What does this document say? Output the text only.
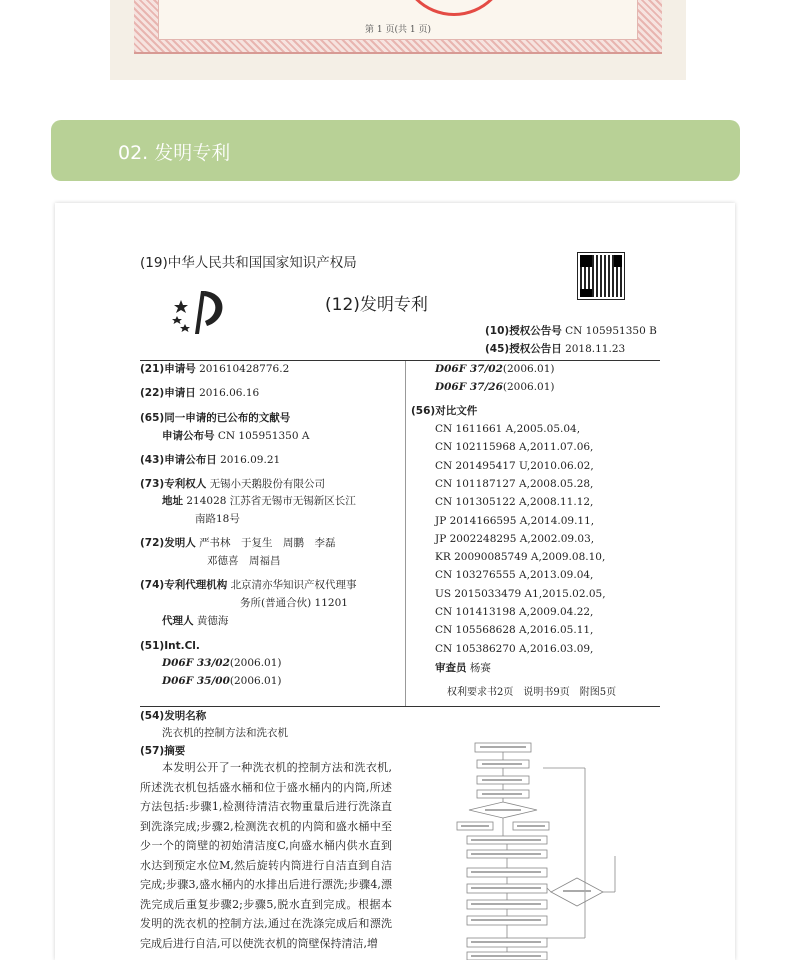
第 1 页(共 1 页)
02. 发明专利
(19)中华人民共和国国家知识产权局
(12)发明专利
(10)授权公告号 CN 105951350 B
(45)授权公告日 2018.11.23
(21)申请号 201610428776.2
(22)申请日 2016.06.16
(65)同一申请的已公布的文献号
申请公布号 CN 105951350 A
(43)申请公布日 2016.09.21
(73)专利权人 无锡小天鹅股份有限公司
地址 214028 江苏省无锡市无锡新区长江
南路18号
(72)发明人 严书林　于复生　周鹏　李磊
邓德喜　周福昌
(74)专利代理机构 北京清亦华知识产权代理事
务所(普通合伙) 11201
代理人 黄德海
(51)Int.Cl.
D06F 33/02(2006.01)
D06F 35/00(2006.01)
D06F 37/02(2006.01)
D06F 37/26(2006.01)
(56)对比文件
审查员 杨赛
权利要求书2页　说明书9页　附图5页
(54)发明名称
洗衣机的控制方法和洗衣机
(57)摘要
本发明公开了一种洗衣机的控制方法和洗衣机,所述洗衣机包括盛水桶和位于盛水桶内的内筒,所述方法包括:步骤1,检测待清洁衣物重量后进行洗涤直到洗涤完成;步骤2,检测洗衣机的内筒和盛水桶中至少一个的筒壁的初始清洁度C,向盛水桶内供水直到水达到预定水位M,然后旋转内筒进行自洁直到自洁完成;步骤3,盛水桶内的水排出后进行漂洗;步骤4,漂洗完成后重复步骤2;步骤5,脱水直到完成。根据本发明的洗衣机的控制方法,通过在洗涤完成后和漂洗完成后进行自洁,可以使洗衣机的筒壁保持清洁,增
CN 1611661 A,2005.05.04,
CN 102115968 A,2011.07.06,
CN 201495417 U,2010.06.02,
CN 101187127 A,2008.05.28,
CN 101305122 A,2008.11.12,
JP 2014166595 A,2014.09.11,
JP 2002248295 A,2002.09.03,
KR 20090085749 A,2009.08.10,
CN 103276555 A,2013.09.04,
US 2015033479 A1,2015.02.05,
CN 101413198 A,2009.04.22,
CN 105568628 A,2016.05.11,
CN 105386270 A,2016.03.09,
